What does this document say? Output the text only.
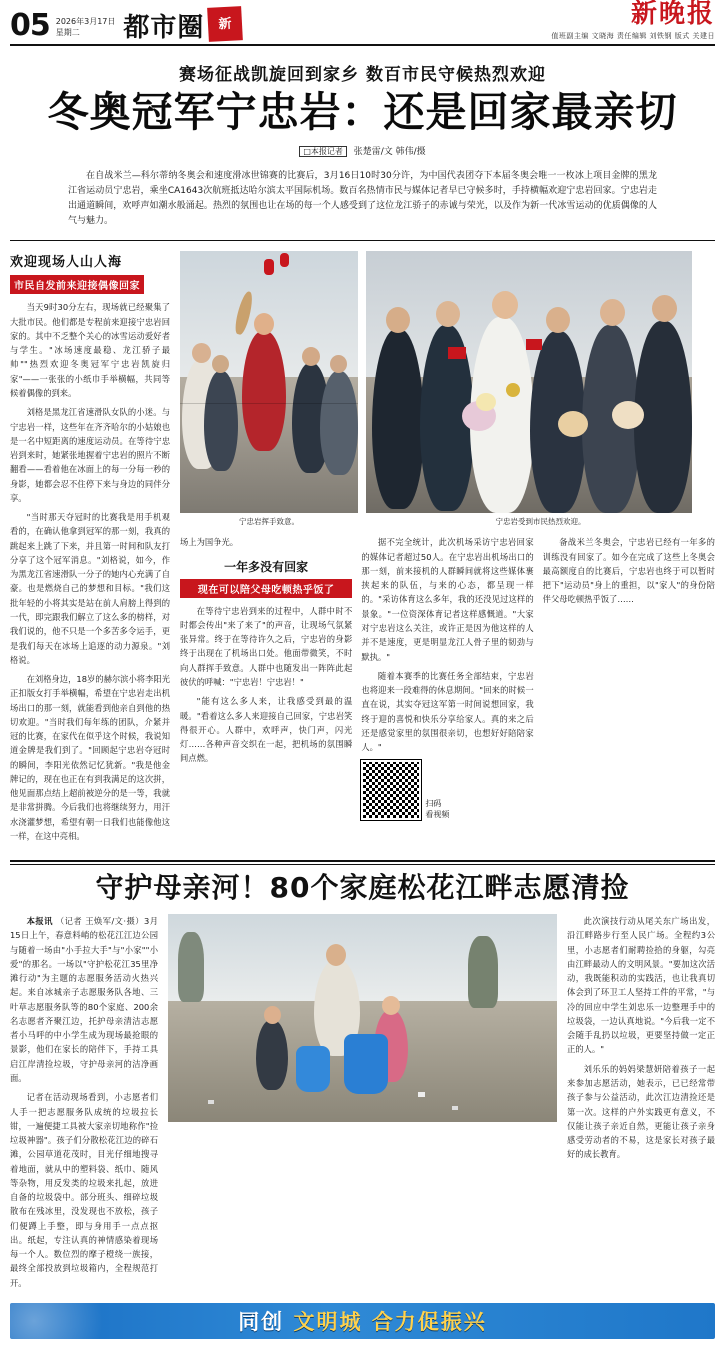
05 2026年3月17日
星期二	都市圈 新	新晚报
值班副主编 文晓海 责任编辑 刘铁钢 版式 关建日
赛场征战凯旋回到家乡 数百市民守候热烈欢迎
冬奥冠军宁忠岩：还是回家最亲切
□本报记者 张楚雷/文 韩伟/摄
在自战米兰—科尔蒂纳冬奥会和速度滑冰世锦赛的比赛后，3月16日10时30分许，为中国代表团夺下本届冬奥会唯一一枚冰上项目金牌的黑龙江省运动员宁忠岩，乘坐CA1643次航班抵达哈尔滨太平国际机场。数百名热情市民与媒体记者早已守候多时，手持横幅欢迎宁忠岩回家。宁忠岩走出通道瞬间，欢呼声如潮水般涌起。热烈的氛围也让在场的每一个人感受到了这位龙江骄子的赤诚与荣光，以及作为新一代冰雪运动的优质偶像的人气与魅力。
欢迎现场人山人海
市民自发前来迎接偶像回家

当天9时30分左右，现场就已经聚集了大批市民。他们都是专程前来迎接宁忠岩回家的。其中不乏整个关心的冰雪运动爱好者与学生。"冰场速度最稳、龙江骄子最帅""热烈欢迎冬奥冠军宁忠岩凯旋归家"——一张张的小纸巾手举横幅，共同等候着偶像的到来。

刘格是黑龙江省速滑队女队的小迷。与宁忠岩一样，这些年在齐齐哈尔的小姑娘也是一名中短距离的速度运动员。在等待宁忠岩到来时，她紧张地握着宁忠岩的照片不断翻看——看着他在冰面上的每一分每一秒的身影，她都会忍不住停下来与身边的同伴分享。

"当时那天夺冠时的比赛我是用手机观看的，在确认他拿到冠军的那一刻，我真的跳起来上跳了下来，并且第一时间和队友打分享了这个冠军消息。"刘格说，如今，作为黑龙江省速滑队一分子的她内心充满了自豪。也是燃烧自己的梦想和目标。"我们这批年轻的小将其实是站在前人肩膀上得到的一代，即完跟我们解立了这么多的榜样，对我们说的，他不只是一个多苦多令运手，更是我们每天在冰场上追逐的动力源泉。"刘格说。

在刘格身边，18岁的赫尔滨小将李阳光正扣版女打手举横幅，希望在宁忠岩走出机场出口的那一刻，就能看到他亲自到他的热切欢迎。"当时我们每年练的团队，介紧并冠的比赛，在家代在似乎这个时候，我说知道金牌是我们到了。"回顾起宁忠岩夺冠时的瞬间，李阳光依然记忆犹新。"我是他金牌记的，现在也正在有到我满足的这次拼，他见面那点结上超前被逆分的是一等，我就是非常拼腾。今后我们也将继续努力，用汗水浇灌梦想，希望有朝一日我们也能像他这一样，在这中亮相。

宁忠岩挥手致意。	宁忠岩受到市民热烈欢迎。

场上为国争光。

一年多没有回家
现在可以陪父母吃顿热乎饭了

在等待宁忠岩到来的过程中，人群中时不时都会传出"来了来了"的声音，让现场气氛紧张异常。终于在等待许久之后，宁忠岩的身影终于出现在了机场出口处。他面带微笑，不时向人群挥手致意。人群中也随发出一阵阵此起彼伏的呼喊："宁忠岩！宁忠岩！"

"能有这么多人来，让我感受到最的温暖。"看着这么多人来迎接自己回家，宁忠岩笑得很开心。人群中，欢呼声，快门声，闪光灯……各种声音交织在一起，把机场的氛围瞬间点燃。

据不完全统计，此次机场采访宁忠岩回家的媒体记者超过50人。在宁忠岩出机场出口的那一刻，前来接机的人群瞬间就将这些媒体裹挟起来的队伍，与来的心态，都呈现一样的。"采访体育这么多年，我的还没见过这样的景象。"一位资深体育记者这样感慨道。"大家对宁忠岩这么关注，或许正是因为他这样的人并不是速度，更是明显龙江人骨子里的韧劲与默执。"

随着本赛季的比赛任务全部结束，宁忠岩也将迎来一段难得的休息期间。"回来的时候一直在说，其实夺冠这军第一时间说想回家，我终于迎的喜悦和快乐分享给家人。真的来之后还是感觉家里的氛围很亲切，也想好好陪陪家人。"

扫码
看视频

备战米兰冬奥会，宁忠岩已经有一年多的训练没有回家了。如今在完成了这些上冬奥会最高额度自的比赛后，宁忠岩也终于可以暂时把下"运动员"身上的重担，以"家人"的身份陪伴父母吃顿热乎饭了……

守护母亲河！80个家庭松花江畔志愿清捡

本报讯 （记者 王焕军/文·摄）3月15日上午，春意料峭的松花江江边公园与随着一场由"小手拉大手"与"小家""小爱"的那名。一场以"守护松花江35里净滩行动"为主题的志愿服务活动火热兴起。来自冰城亲子志愿服务队各地、三叶草志愿服务队等的80个家庭、200余名志愿者齐聚江边，托护母亲清洁志愿者小马呼的中小学生成为现场最抢眼的景影，他们在家长的陪伴下，手持工具启江岸清捡垃圾，守护母亲河的洁净画面。

记者在活动现场看到，小志愿者们人手一把志愿服务队成统的垃圾拉长钳，一遍便捷工具被大家亲切地称作"捡垃圾神器"。孩子们分散松花江边的碎石滩，公园草道花茂时，目光仔细地搜寻着地面，就从中的塑料袋、纸巾、随风等杂物，用反发类的垃圾来扎起，放进自备的垃圾袋中。部分班头、细碎垃圾散布在残冰里，没发现也不放松，孩子们便蹲上手整，即与身用手一点点抠出。纸起，专注认真的神情感染着现场每一个人。数位烈的摩子橙绕一族接，最终全部投放到垃圾箱内，全程规范打开。

此次演技行动从尾关东广场出发，沿江畔路步行至人民广场。全程约3公里，小志愿者们耐聘捡拾的身躯，勾亮由江畔最动人的文明风景。"要加这次活动，我既能积动的实践活，也让我真切体会到了环卫工人坚持工件的平常，"与冷的回应中学生刘忠乐一边整理手中的垃圾袋，一边认真地说。"今后我一定不会随手乱扔以垃圾，更要坚持做一定正正的人。"

刘乐乐的妈妈梁慧妍陪着孩子一起来参加志愿活动，她表示，已已经常带孩子参与公益活动，此次江边清捡还是第一次。这样的户外实践更有意义，不仅能让孩子亲近自然，更能让孩子亲身感受劳动者的不易，这是家长对孩子最好的成长教育。

同创 文明城 合力促振兴
